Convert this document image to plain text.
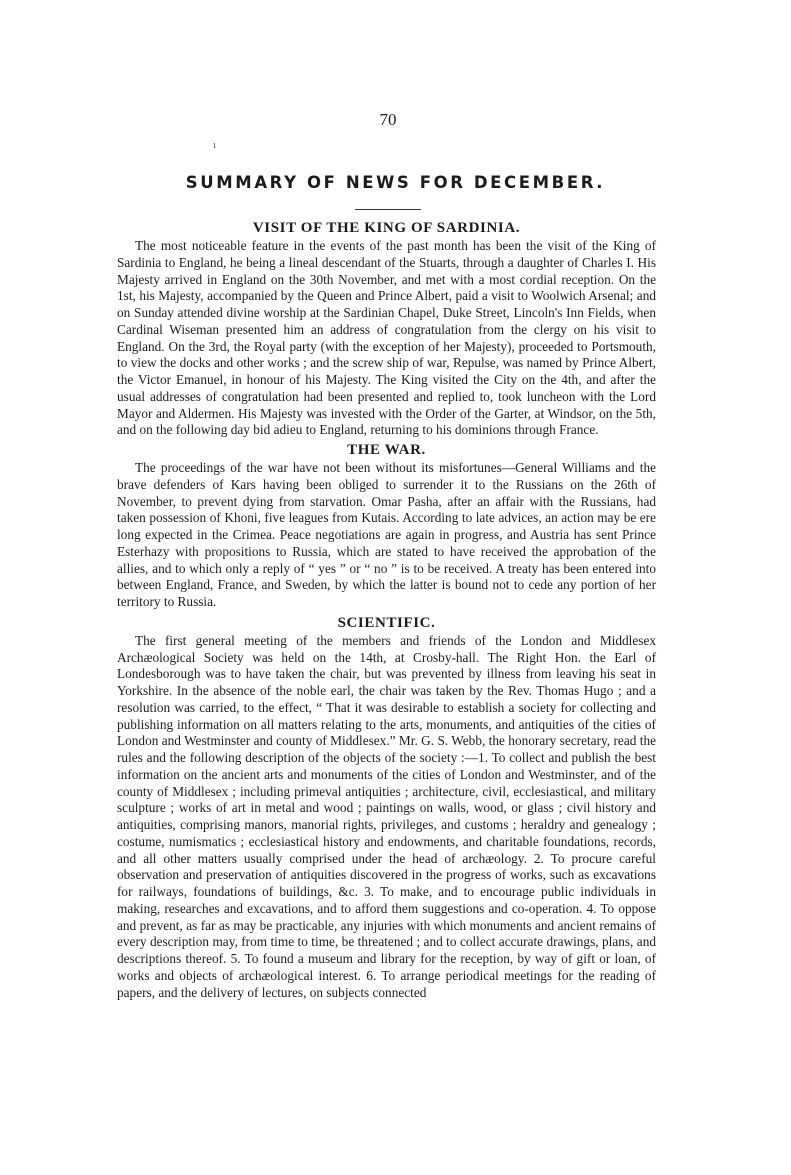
70
ı
SUMMARY OF NEWS FOR DECEMBER.
VISIT OF THE KING OF SARDINIA.

The most noticeable feature in the events of the past month has been the visit of the King of Sardinia to England, he being a lineal descendant of the Stuarts, through a daughter of Charles I. His Majesty arrived in England on the 30th November, and met with a most cordial reception. On the 1st, his Majesty, accompanied by the Queen and Prince Albert, paid a visit to Woolwich Arsenal; and on Sunday attended divine worship at the Sardinian Chapel, Duke Street, Lincoln's Inn Fields, when Cardinal Wiseman presented him an address of congratulation from the clergy on his visit to England. On the 3rd, the Royal party (with the exception of her Majesty), proceeded to Portsmouth, to view the docks and other works ; and the screw ship of war, Repulse, was named by Prince Albert, the Victor Emanuel, in honour of his Majesty. The King visited the City on the 4th, and after the usual addresses of congratulation had been presented and replied to, took luncheon with the Lord Mayor and Aldermen. His Majesty was invested with the Order of the Garter, at Windsor, on the 5th, and on the following day bid adieu to England, returning to his dominions through France.

THE WAR.

The proceedings of the war have not been without its misfortunes—General Williams and the brave defenders of Kars having been obliged to surrender it to the Russians on the 26th of November, to prevent dying from starvation. Omar Pasha, after an affair with the Russians, had taken possession of Khoni, five leagues from Kutais. According to late advices, an action may be ere long expected in the Crimea. Peace negotiations are again in progress, and Austria has sent Prince Esterhazy with propositions to Russia, which are stated to have received the approbation of the allies, and to which only a reply of “ yes ” or “ no ” is to be received. A treaty has been entered into between England, France, and Sweden, by which the latter is bound not to cede any portion of her territory to Russia.

SCIENTIFIC.

The first general meeting of the members and friends of the London and Middlesex Archæological Society was held on the 14th, at Crosby-hall. The Right Hon. the Earl of Londesborough was to have taken the chair, but was prevented by illness from leaving his seat in Yorkshire. In the absence of the noble earl, the chair was taken by the Rev. Thomas Hugo ; and a resolution was carried, to the effect, “ That it was desirable to establish a society for collecting and publishing information on all matters relating to the arts, monuments, and antiquities of the cities of London and Westminster and county of Middlesex.” Mr. G. S. Webb, the honorary secretary, read the rules and the following description of the objects of the society :—1. To collect and publish the best information on the ancient arts and monuments of the cities of London and Westminster, and of the county of Middlesex ; including primeval antiquities ; architecture, civil, ecclesiastical, and military sculpture ; works of art in metal and wood ; paintings on walls, wood, or glass ; civil history and antiquities, comprising manors, manorial rights, privileges, and customs ; heraldry and genealogy ; costume, numismatics ; ecclesiastical history and endowments, and charitable foundations, records, and all other matters usually comprised under the head of archæology. 2. To procure careful observation and preservation of antiquities discovered in the progress of works, such as excavations for railways, foundations of buildings, &c. 3. To make, and to encourage public individuals in making, researches and excavations, and to afford them suggestions and co-operation. 4. To oppose and prevent, as far as may be practicable, any injuries with which monuments and ancient remains of every description may, from time to time, be threatened ; and to collect accurate drawings, plans, and descriptions thereof. 5. To found a museum and library for the reception, by way of gift or loan, of works and objects of archæological interest. 6. To arrange periodical meetings for the reading of papers, and the delivery of lectures, on subjects connected
